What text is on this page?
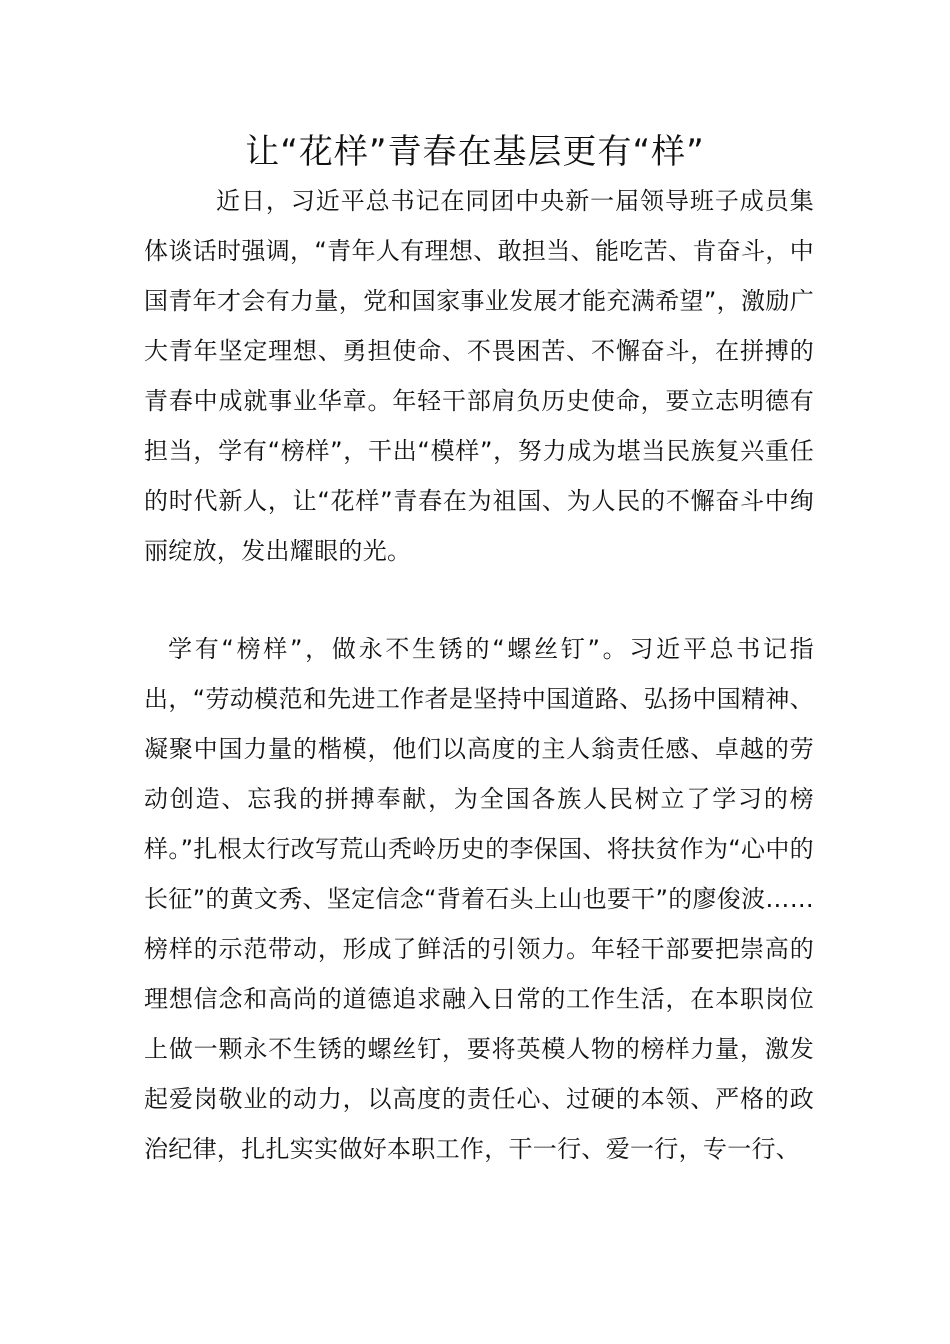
让“花样”青春在基层更有“样”
近日，习近平总书记在同团中央新一届领导班子成员集体谈话时强调，“青年人有理想、敢担当、能吃苦、肯奋斗，中国青年才会有力量，党和国家事业发展才能充满希望”，激励广大青年坚定理想、勇担使命、不畏困苦、不懈奋斗，在拼搏的青春中成就事业华章。年轻干部肩负历史使命，要立志明德有担当，学有“榜样”，干出“模样”，努力成为堪当民族复兴重任的时代新人，让“花样”青春在为祖国、为人民的不懈奋斗中绚丽绽放，发出耀眼的光。
学有“榜样”，做永不生锈的“螺丝钉”。习近平总书记指出，“劳动模范和先进工作者是坚持中国道路、弘扬中国精神、凝聚中国力量的楷模，他们以高度的主人翁责任感、卓越的劳动创造、忘我的拼搏奉献，为全国各族人民树立了学习的榜样。”扎根太行改写荒山秃岭历史的李保国、将扶贫作为“心中的长征”的黄文秀、坚定信念“背着石头上山也要干”的廖俊波……榜样的示范带动，形成了鲜活的引领力。年轻干部要把崇高的理想信念和高尚的道德追求融入日常的工作生活，在本职岗位上做一颗永不生锈的螺丝钉，要将英模人物的榜样力量，激发起爱岗敬业的动力，以高度的责任心、过硬的本领、严格的政治纪律，扎扎实实做好本职工作，干一行、爱一行，专一行、
